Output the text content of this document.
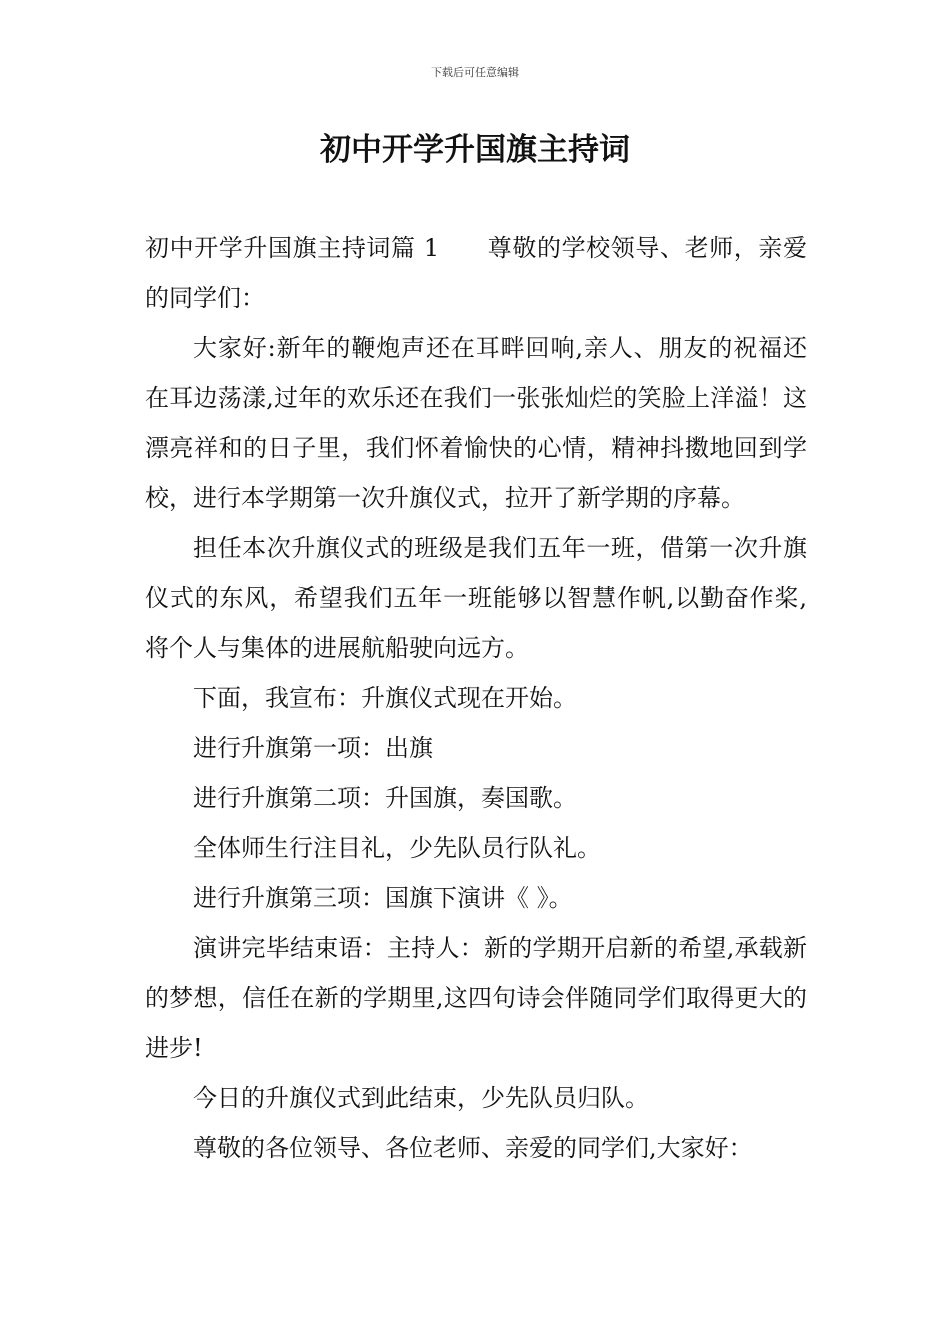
下载后可任意编辑
初中开学升国旗主持词

初中开学升国旗主持词篇 1 尊敬的学校领导、老师，亲爱的同学们：

大家好:新年的鞭炮声还在耳畔回响,亲人、朋友的祝福还在耳边荡漾,过年的欢乐还在我们一张张灿烂的笑脸上洋溢！这漂亮祥和的日子里，我们怀着愉快的心情，精神抖擞地回到学校，进行本学期第一次升旗仪式，拉开了新学期的序幕。

担任本次升旗仪式的班级是我们五年一班，借第一次升旗仪式的东风，希望我们五年一班能够以智慧作帆,以勤奋作桨,将个人与集体的进展航船驶向远方。

下面，我宣布：升旗仪式现在开始。

进行升旗第一项：出旗

进行升旗第二项：升国旗，奏国歌。

全体师生行注目礼，少先队员行队礼。

进行升旗第三项：国旗下演讲《 》。

演讲完毕结束语：主持人：新的学期开启新的希望,承载新的梦想，信任在新的学期里,这四句诗会伴随同学们取得更大的进步!

今日的升旗仪式到此结束，少先队员归队。

尊敬的各位领导、各位老师、亲爱的同学们,大家好：
